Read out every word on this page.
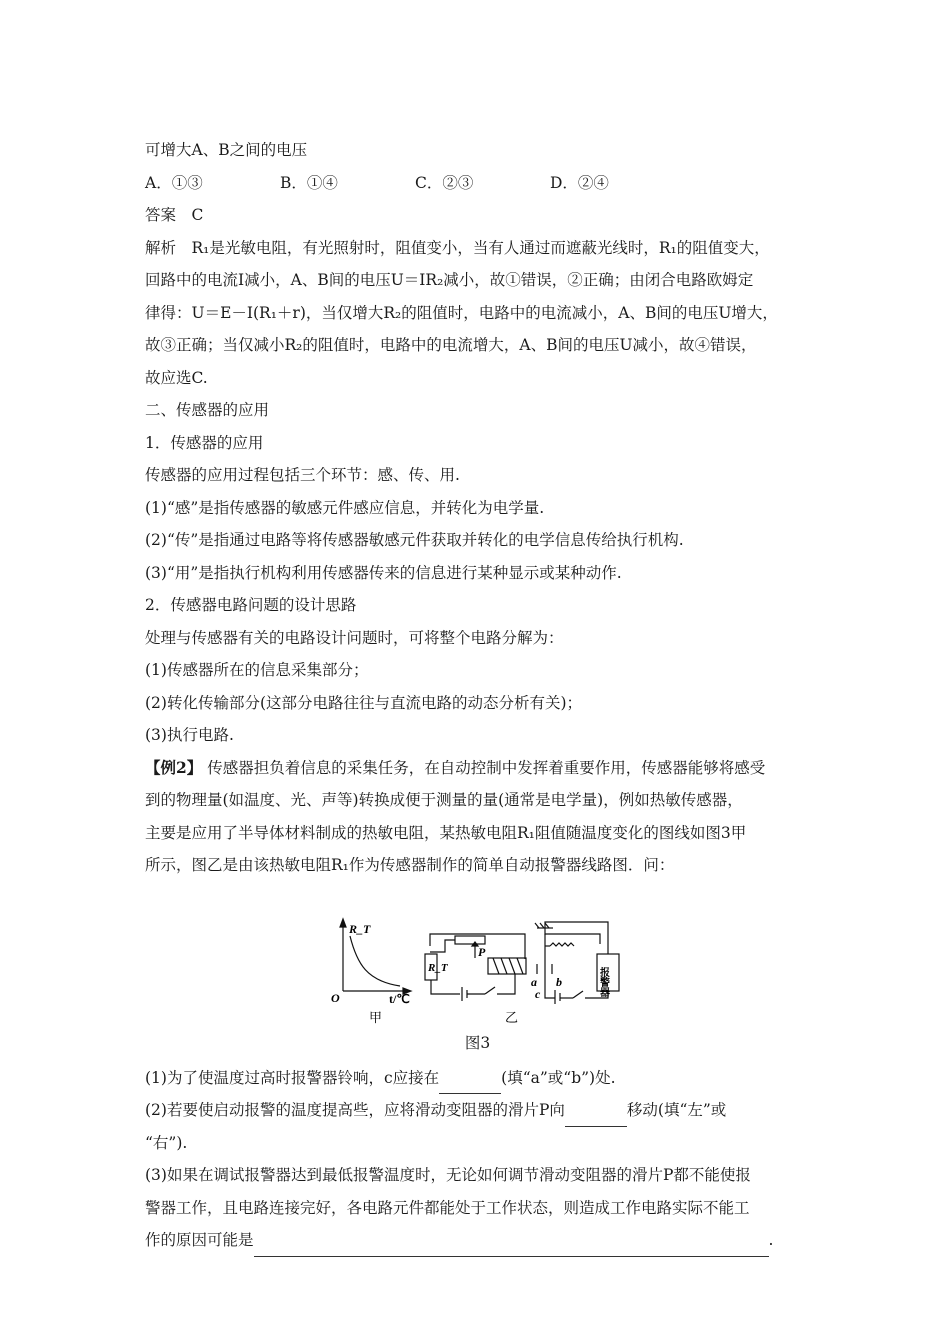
可增大A、B之间的电压
A．①③	B．①④	C．②③	D．②④
答案　C
解析　R₁是光敏电阻，有光照射时，阻值变小，当有人通过而遮蔽光线时，R₁的阻值变大，
回路中的电流I减小，A、B间的电压U＝IR₂减小，故①错误，②正确；由闭合电路欧姆定
律得：U＝E－I(R₁＋r)，当仅增大R₂的阻值时，电路中的电流减小，A、B间的电压U增大，
故③正确；当仅减小R₂的阻值时，电路中的电流增大，A、B间的电压U减小，故④错误，
故应选C.
二、传感器的应用
1．传感器的应用
传感器的应用过程包括三个环节：感、传、用.
(1)“感”是指传感器的敏感元件感应信息，并转化为电学量.
(2)“传”是指通过电路等将传感器敏感元件获取并转化的电学信息传给执行机构.
(3)“用”是指执行机构利用传感器传来的信息进行某种显示或某种动作.
2．传感器电路问题的设计思路
处理与传感器有关的电路设计问题时，可将整个电路分解为：
(1)传感器所在的信息采集部分；
(2)转化传输部分(这部分电路往往与直流电路的动态分析有关)；
(3)执行电路.
【例2】 传感器担负着信息的采集任务，在自动控制中发挥着重要作用，传感器能够将感受
到的物理量(如温度、光、声等)转换成便于测量的量(通常是电学量)，例如热敏传感器，
主要是应用了半导体材料制成的热敏电阻，某热敏电阻R₁阻值随温度变化的图线如图3甲
所示，图乙是由该热敏电阻R₁作为传感器制作的简单自动报警器线路图．问：
R_T
O	t/℃
甲
R_T
P
a b
c	报警器
乙
图3
(1)为了使温度过高时报警器铃响，c应接在	(填“a”或“b”)处.
(2)若要使启动报警的温度提高些，应将滑动变阻器的滑片P向	移动(填“左”或
“右”).
(3)如果在调试报警器达到最低报警温度时，无论如何调节滑动变阻器的滑片P都不能使报
警器工作，且电路连接完好，各电路元件都能处于工作状态，则造成工作电路实际不能工
作的原因可能是	.
